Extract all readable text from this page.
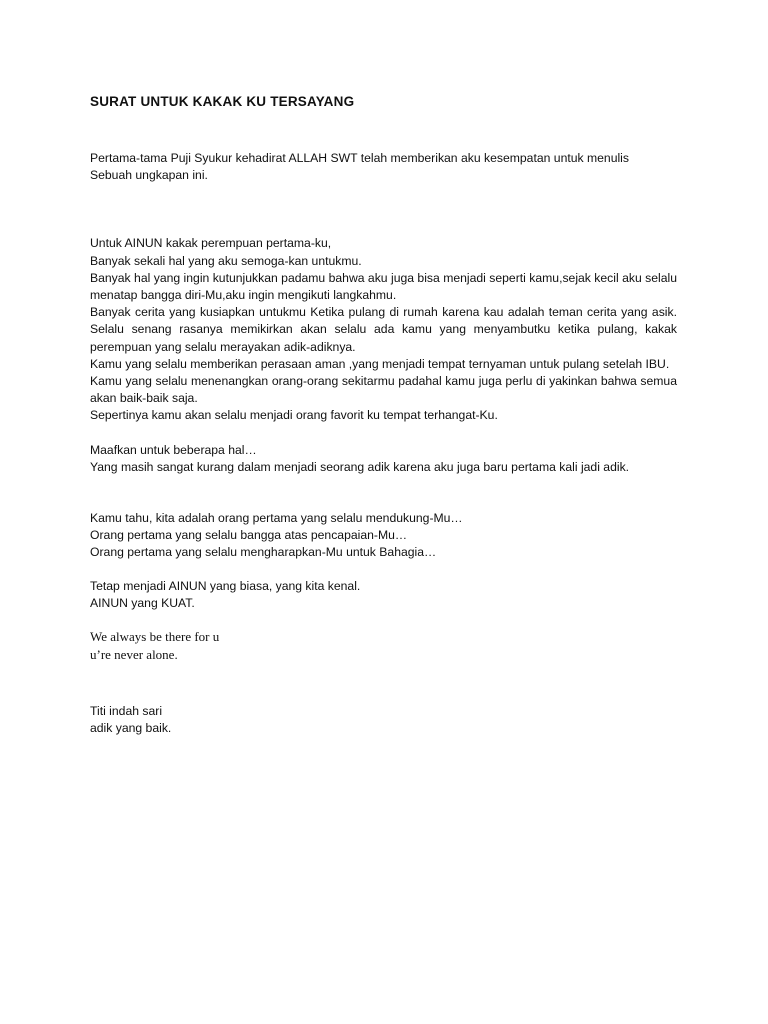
SURAT UNTUK KAKAK KU TERSAYANG

Pertama-tama Puji Syukur kehadirat ALLAH SWT telah memberikan aku kesempatan untuk menulis
Sebuah ungkapan ini.

Untuk AINUN kakak perempuan pertama-ku,

Banyak sekali hal yang aku semoga-kan untukmu.

Banyak hal yang ingin kutunjukkan padamu bahwa aku juga bisa menjadi seperti kamu,sejak kecil aku selalu menatap bangga diri-Mu,aku ingin mengikuti langkahmu.

Banyak cerita yang kusiapkan untukmu Ketika pulang di rumah karena kau adalah teman cerita yang asik. Selalu senang rasanya memikirkan akan selalu ada kamu yang menyambutku ketika pulang, kakak perempuan yang selalu merayakan adik-adiknya.

Kamu yang selalu memberikan perasaan aman ,yang menjadi tempat ternyaman untuk pulang setelah IBU.

Kamu yang selalu menenangkan orang-orang sekitarmu padahal kamu juga perlu di yakinkan bahwa semua akan baik-baik saja.

Sepertinya kamu akan selalu menjadi orang favorit ku tempat terhangat-Ku.

Maafkan untuk beberapa hal…

Yang masih sangat kurang dalam menjadi seorang adik karena aku juga baru pertama kali jadi adik.

Kamu tahu, kita adalah orang pertama yang selalu mendukung-Mu…

Orang pertama yang selalu bangga atas pencapaian-Mu…

Orang pertama yang selalu mengharapkan-Mu untuk Bahagia…

Tetap menjadi AINUN yang biasa, yang kita kenal.

AINUN yang KUAT.

We always be there for u

u’re never alone.

Titi indah sari

adik yang baik.
